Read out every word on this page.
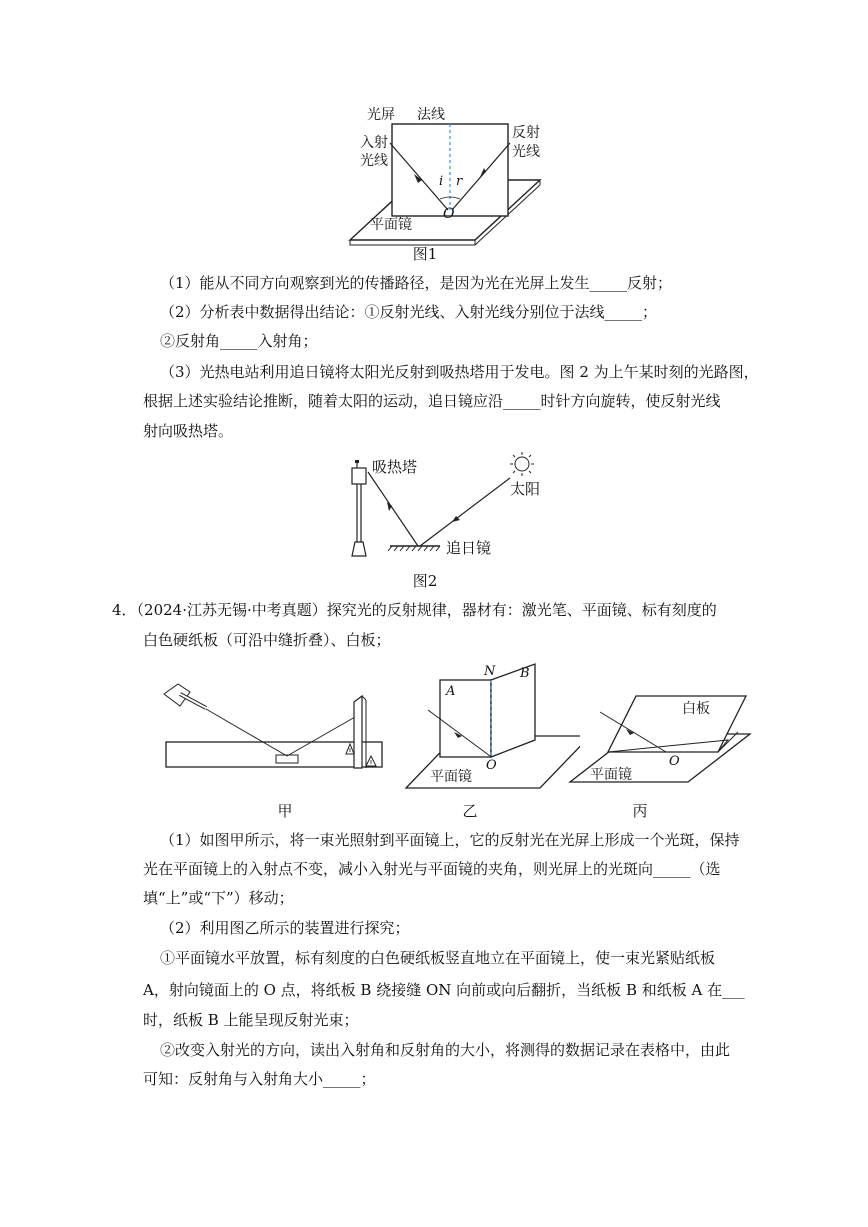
光屏 法线
入射
光线
反射
光线
i r
O
平面镜
图1
（1）能从不同方向观察到光的传播路径，是因为光在光屏上发生_____反射；
（2）分析表中数据得出结论：①反射光线、入射光线分别位于法线_____；
②反射角_____入射角；
（3）光热电站利用追日镜将太阳光反射到吸热塔用于发电。图 2 为上午某时刻的光路图，
根据上述实验结论推断，随着太阳的运动，追日镜应沿_____时针方向旋转，使反射光线
射向吸热塔。
吸热塔
太阳
追日镜
图2
4．（2024·江苏无锡·中考真题）探究光的反射规律，器材有：激光笔、平面镜、标有刻度的
白色硬纸板（可沿中缝折叠）、白板；
甲
A
B
N
O
平面镜
乙
白板
平面镜
O
丙
（1）如图甲所示，将一束光照射到平面镜上，它的反射光在光屏上形成一个光斑，保持
光在平面镜上的入射点不变，减小入射光与平面镜的夹角，则光屏上的光斑向_____（选
填“上”或“下”）移动；
（2）利用图乙所示的装置进行探究；
①平面镜水平放置，标有刻度的白色硬纸板竖直地立在平面镜上，使一束光紧贴纸板
A，射向镜面上的 O 点，将纸板 B 绕接缝 ON 向前或向后翻折，当纸板 B 和纸板 A 在___
时，纸板 B 上能呈现反射光束；
②改变入射光的方向，读出入射角和反射角的大小，将测得的数据记录在表格中，由此
可知：反射角与入射角大小_____；
